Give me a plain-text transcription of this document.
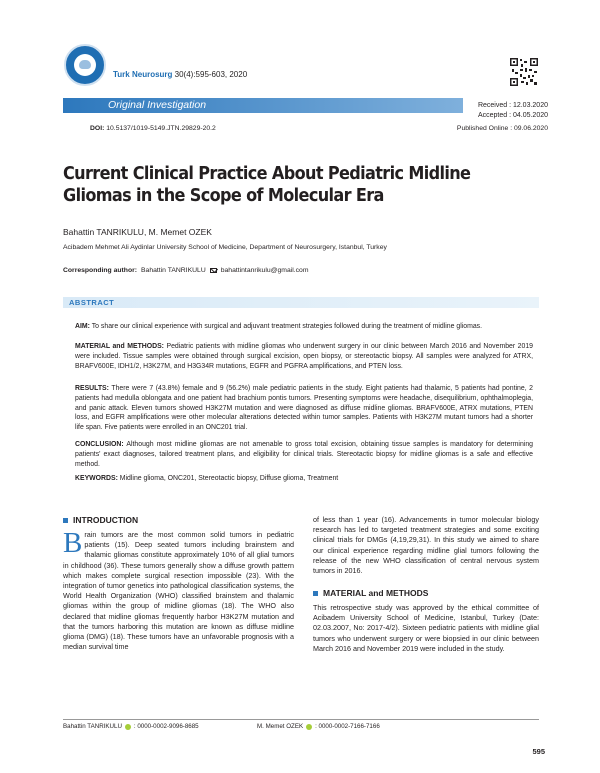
Turk Neurosurg 30(4):595-603, 2020
Original Investigation	Received : 12.03.2020
Accepted : 04.05.2020
DOI: 10.5137/1019-5149.JTN.29829-20.2	Published Online : 09.06.2020
Current Clinical Practice About Pediatric Midline Gliomas in the Scope of Molecular Era
Bahattin TANRIKULU, M. Memet OZEK
Acibadem Mehmet Ali Aydinlar University School of Medicine, Department of Neurosurgery, Istanbul, Turkey
Corresponding author: Bahattin TANRIKULU bahattintanrikulu@gmail.com
ABSTRACT
AIM: To share our clinical experience with surgical and adjuvant treatment strategies followed during the treatment of midline gliomas.
MATERIAL and METHODS: Pediatric patients with midline gliomas who underwent surgery in our clinic between March 2016 and November 2019 were included. Tissue samples were obtained through surgical excision, open biopsy, or stereotactic biopsy. All samples were analyzed for ATRX, BRAFV600E, IDH1/2, H3K27M, and H3G34R mutations, EGFR and PGFRA amplifications, and PTEN loss.
RESULTS: There were 7 (43.8%) female and 9 (56.2%) male pediatric patients in the study. Eight patients had thalamic, 5 patients had pontine, 2 patients had medulla oblongata and one patient had brachium pontis tumors. Presenting symptoms were headache, disequilibrium, ophthalmoplegia, and panic attack. Eleven tumors showed H3K27M mutation and were diagnosed as diffuse midline gliomas. BRAFV600E, ATRX mutations, PTEN loss, and EGFR amplifications were other molecular alterations detected within tumor samples. Patients with H3K27M mutant tumors had a shorter life span. Five patients were enrolled in an ONC201 trial.
CONCLUSION: Although most midline gliomas are not amenable to gross total excision, obtaining tissue samples is mandatory for determining patients' exact diagnoses, tailored treatment plans, and eligibility for clinical trials. Stereotactic biopsy for midline gliomas is a safe and effective method.
KEYWORDS: Midline glioma, ONC201, Stereotactic biopsy, Diffuse glioma, Treatment
INTRODUCTION
Brain tumors are the most common solid tumors in pediatric patients (15). Deep seated tumors including brainstem and thalamic gliomas constitute approximately 10% of all glial tumors in childhood (36). These tumors generally show a diffuse growth pattern which makes complete surgical resection impossible (23). With the integration of tumor genetics into pathological classification systems, the World Health Organization (WHO) classified brainstem and thalamic gliomas within the group of midline gliomas (18). The WHO also declared that midline gliomas frequently harbor H3K27M mutation and that the tumors harboring this mutation are known as diffuse midline glioma (DMG) (18). These tumors have an unfavorable prognosis with a median survival time
of less than 1 year (16). Advancements in tumor molecular biology research has led to targeted treatment strategies and some exciting clinical trials for DMGs (4,19,29,31). In this study we aimed to share our clinical experience regarding midline glial tumors following the release of the new WHO classification of central nervous system tumors in 2016.
MATERIAL and METHODS
This retrospective study was approved by the ethical committee of Acibadem University School of Medicine, Istanbul, Turkey (Date: 02.03.2007, No: 2017-4/2). Sixteen pediatric patients with midline glial tumors who underwent surgery or were biopsied in our clinic between March 2016 and November 2019 were included in the study.
Bahattin TANRIKULU : 0000-0002-9096-8685	M. Memet OZEK : 0000-0002-7166-7166
595
